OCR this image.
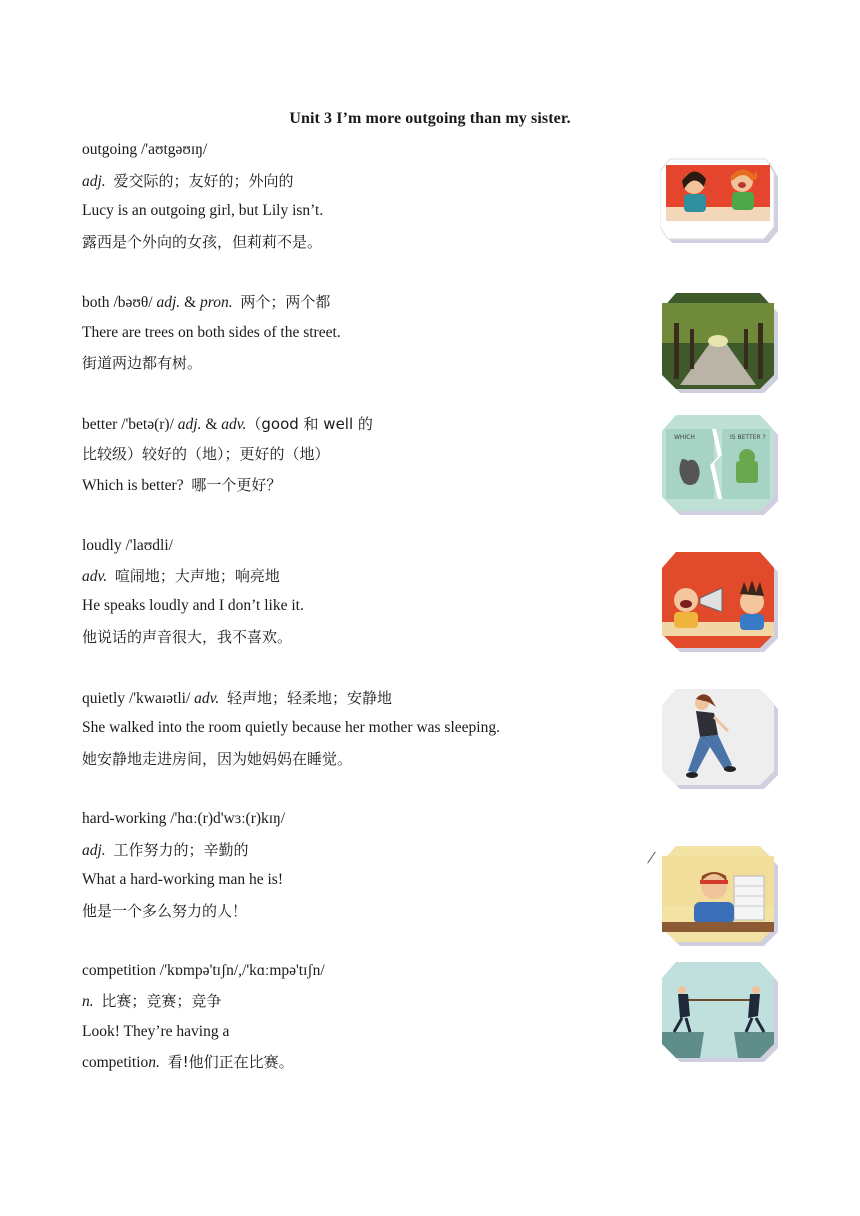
Unit 3 I’m more outgoing than my sister.
outgoing /'aʊtgəʊɪŋ/
adj. 爱交际的；友好的；外向的
Lucy is an outgoing girl, but Lily isn’t.
露西是个外向的女孩，但莉莉不是。
both /bəʊθ/ adj. & pron. 两个；两个都
There are trees on both sides of the street.
街道两边都有树。
better /'betə(r)/ adj. & adv.（good 和 well 的
比较级）较好的（地）；更好的（地）
Which is better? 哪一个更好？
loudly /'laʊdli/
adv. 喧闹地；大声地；响亮地
He speaks loudly and I don’t like it.
他说话的声音很大，我不喜欢。
quietly /'kwaɪətli/ adv. 轻声地；轻柔地；安静地
She walked into the room quietly because her mother was sleeping.
她安静地走进房间，因为她妈妈在睡觉。
hard-working /'hɑː(r)d'wɜː(r)kɪŋ/
adj. 工作努力的；辛勤的
What a hard-working man he is!
他是一个多么努力的人！
competition /'kɒmpə'tɪʃn/,/'kɑːmpə'tɪʃn/
n. 比赛；竞赛；竞争
Look! They’re having a
competition. 看!他们正在比赛。
/
WHICH	IS BETTER ?
